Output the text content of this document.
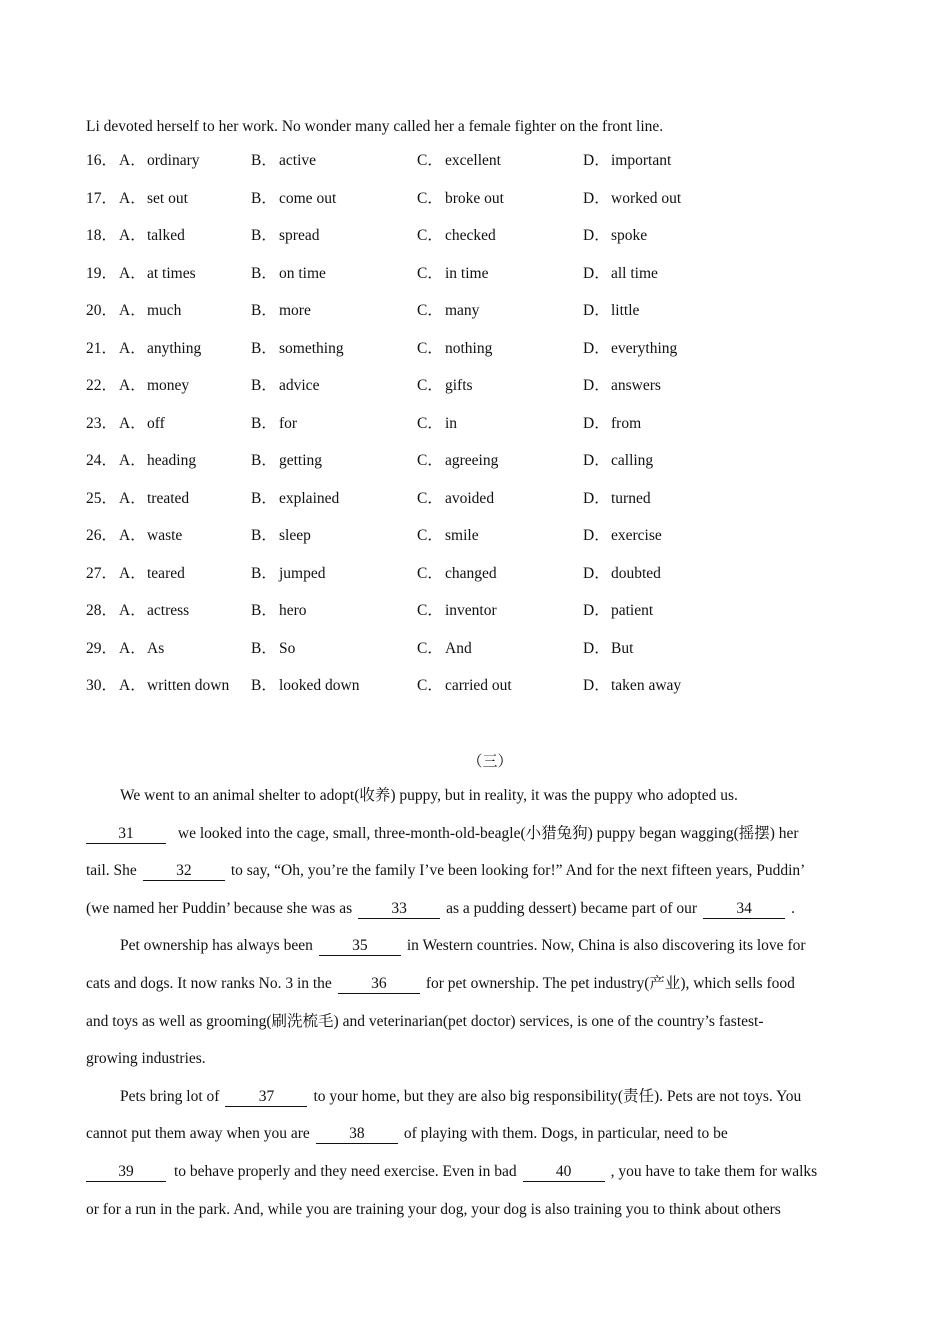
Li devoted herself to her work. No wonder many called her a female fighter on the front line.
16． A．ordinary	B． active	C． excellent	D．important
17． A．set out	B． come out	C． broke out	D．worked out
18． A．talked	B． spread	C． checked	D．spoke
19． A．at times	B． on time	C． in time	D．all time
20． A．much	B． more	C． many	D．little
21． A．anything	B． something	C． nothing	D．everything
22． A．money	B． advice	C． gifts	D．answers
23． A．off	B． for	C． in	D．from
24． A．heading	B． getting	C． agreeing	D．calling
25． A．treated	B． explained	C． avoided	D．turned
26． A．waste	B． sleep	C． smile	D．exercise
27． A．teared	B． jumped	C． changed	D．doubted
28． A．actress	B． hero	C． inventor	D．patient
29． A．As	B． So	C． And	D．But
30． A．written down B． looked down	C． carried out	D．taken away
（三）
We went to an animal shelter to adopt(收养) puppy, but in reality, it was the puppy who adopted us.
31	we looked into the cage, small, three-month-old-beagle(小猎兔狗) puppy began wagging(摇摆) her
tail. She	32	to say, “Oh, you’re the family I’ve been looking for!” And for the next fifteen years, Puddin’
(we named her Puddin’ because she was as	33	as a pudding dessert) became part of our	34	.
Pet ownership has always been	35	in Western countries. Now, China is also discovering its love for
cats and dogs. It now ranks No. 3 in the	36	for pet ownership. The pet industry(产业), which sells food
and toys as well as grooming(刷洗梳毛) and veterinarian(pet doctor) services, is one of the country’s fastest-
growing industries.
Pets bring lot of	37	to your home, but they are also big responsibility(责任). Pets are not toys. You
cannot put them away when you are	38	of playing with them. Dogs, in particular, need to be
39	to behave properly and they need exercise. Even in bad	40	, you have to take them for walks
or for a run in the park. And, while you are training your dog, your dog is also training you to think about others
